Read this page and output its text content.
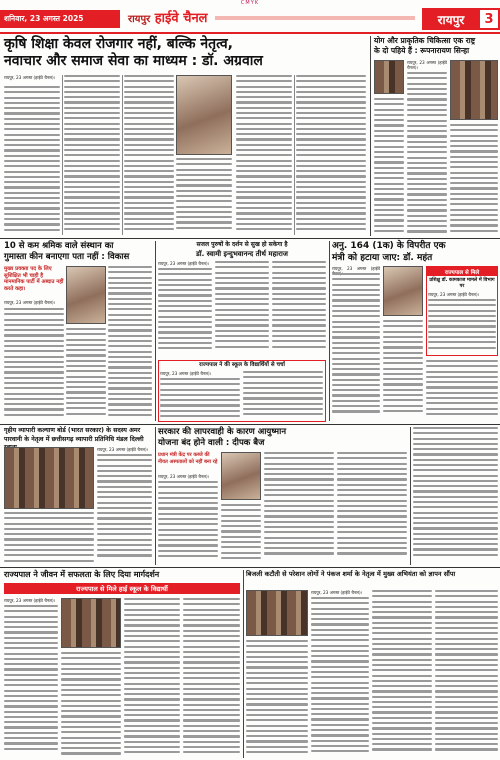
CMYK
शनिवार, 23 अगस्त 2025	रायपुर हाईवे चैनल	रायपुर	3
कृषि शिक्षा केवल रोजगार नहीं, बल्कि नेतृत्व,
नवाचार और समाज सेवा का माध्यम : डॉ. अग्रवाल
रायपुर, 23 अगस्त (हाईवे चैनल)।
योग और प्राकृतिक चिकित्सा एक राष्ट्र
के दो पहिये हैं : रूपनारायण सिन्हा
रायपुर, 23 अगस्त (हाईवे चैनल)।
10 से कम श्रमिक वाले संस्थान का
गुमास्ता कीन बनाएगा पता नहीं : विकास
मुख्य प्रवक्ता पद के लिए सुशिक्षित भी चाही है मानमानिक पार्टी में अब्दाउ नहीं करते कहा।
रायपुर, 23 अगस्त (हाईवे चैनल)।
सजल पुरुषों के दर्शन से सुख हो सकेगा है
डॉ. स्वामी इन्दुभवानन्द तीर्थ महाराज
रायपुर, 23 अगस्त (हाईवे चैनल)।
राज्यपाल ने की स्कूल के विद्यार्थियों से चर्चा
रायपुर, 23 अगस्त (हाईवे चैनल)।
अनु. 164 (1क) के विपरीत एक
मंत्री को हटाया जाए: डॉ. महंत
रायपुर, 23 अगस्त (हाईवे
राज्यपाल से मिले
प्रशिक्षु डॉ. कामकाज मामले में विभाग पर
रायपुर, 23 अगस्त (हाईवे चैनल)।
गृहीय व्यापारी कल्याण बोर्ड (भारत सरकार) के सदस्य अमर
पारवानी के नेतृत्व में छत्तीसगढ़ व्यापारी प्रतिनिधि मंडल दिल्ली
रायपुर, 23 अगस्त (हाईवे चैनल)।
सरकार की लापरवाही के कारण आयुष्मान
योजना बंद होने वाली : दीपक बैज
प्रधान मंत्री केंद्र पर कब्जे की नीयत अस्पतालों को नहीं बना रहे
रायपुर, 23 अगस्त (हाईवे चैनल)।
राज्यपाल ने जीवन में सफलता के लिए दिया मार्गदर्शन
राज्यपाल से मिले हाई स्कूल के विद्यार्थी
रायपुर, 23 अगस्त (हाईवे चैनल)।
बिजली कटौती से परेशान लोगों ने पंकज शर्मा के नेतृत्व में मुख्य अभियंता को ज्ञापन सौंपा
रायपुर, 23 अगस्त (हाईवे चैनल)।
